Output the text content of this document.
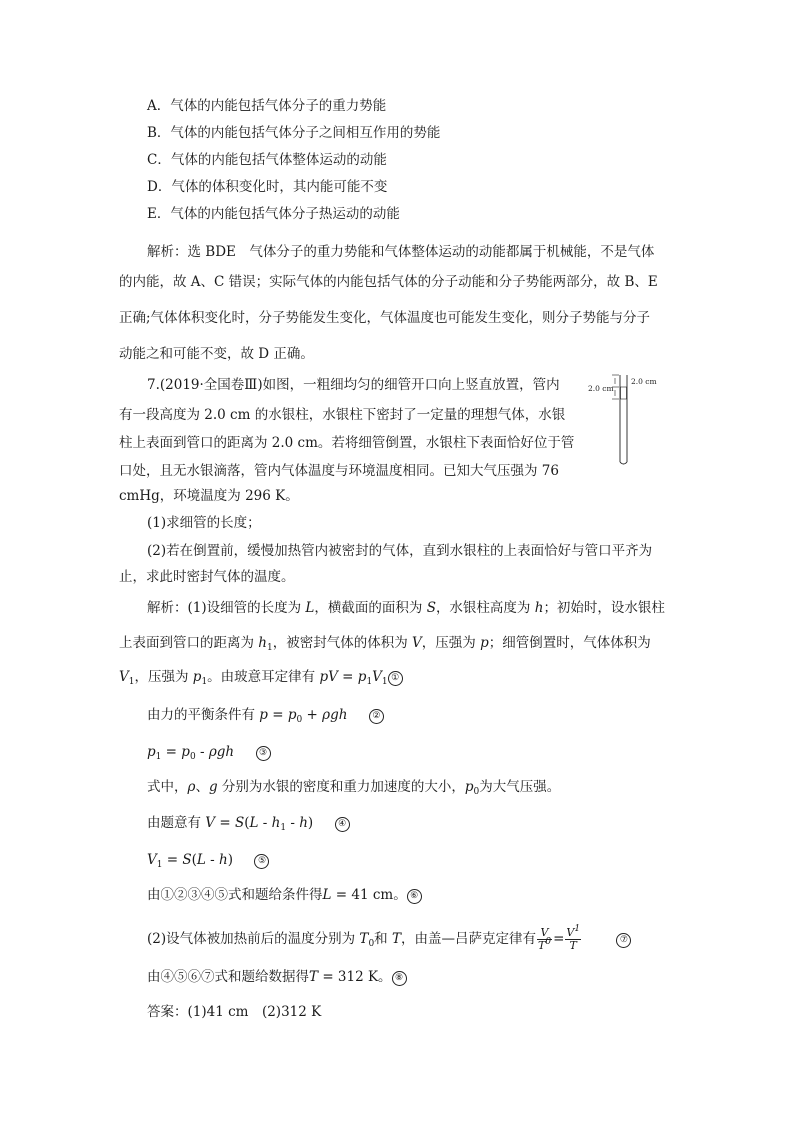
A．气体的内能包括气体分子的重力势能
B．气体的内能包括气体分子之间相互作用的势能
C．气体的内能包括气体整体运动的动能
D．气体的体积变化时，其内能可能不变
E．气体的内能包括气体分子热运动的动能
解析：选 BDE　气体分子的重力势能和气体整体运动的动能都属于机械能，不是气体
的内能，故 A、C 错误；实际气体的内能包括气体的分子动能和分子势能两部分，故 B、E
正确;气体体积变化时，分子势能发生变化，气体温度也可能发生变化，则分子势能与分子
动能之和可能不变，故 D 正确。
7.(2019·全国卷Ⅲ)如图，一粗细均匀的细管开口向上竖直放置，管内
有一段高度为 2.0 cm 的水银柱，水银柱下密封了一定量的理想气体，水银
柱上表面到管口的距离为 2.0 cm。若将细管倒置，水银柱下表面恰好位于管
口处，且无水银滴落，管内气体温度与环境温度相同。已知大气压强为 76
cmHg，环境温度为 296 K。
(1)求细管的长度；
(2)若在倒置前，缓慢加热管内被密封的气体，直到水银柱的上表面恰好与管口平齐为
止，求此时密封气体的温度。
2.0 cm
2.0 cm
解析：(1)设细管的长度为 L，横截面的面积为 S，水银柱高度为 h；初始时，设水银柱
上表面到管口的距离为 $h_1$，被密封气体的体积为 V，压强为 p；细管倒置时，气体体积为
$V_1$，压强为 $p_1$。由玻意耳定律有 pV = $p_1V_1$ ①
由力的平衡条件有 $p = p_0 + \rho gh$	②
$p_1 = p_0 - \rho gh$	③
式中，ρ、g 分别为水银的密度和重力加速度的大小，$p_0$为大气压强。
由题意有 $V = S(L - h_1 - h)$     ④
$V_1 = S(L - h)$     ⑤
由①②③④⑤式和题给条件得L = 41 cm。 ⑥
(2)设气体被加热前后的温度分别为 $T_0$和 T，由盖—吕萨克定律有 $\frac{V}{T^0} = \frac{V^1}{T}$	⑦
由④⑤⑥⑦式和题给数据得T = 312 K。 ⑧
答案：(1)41 cm　(2)312 K
